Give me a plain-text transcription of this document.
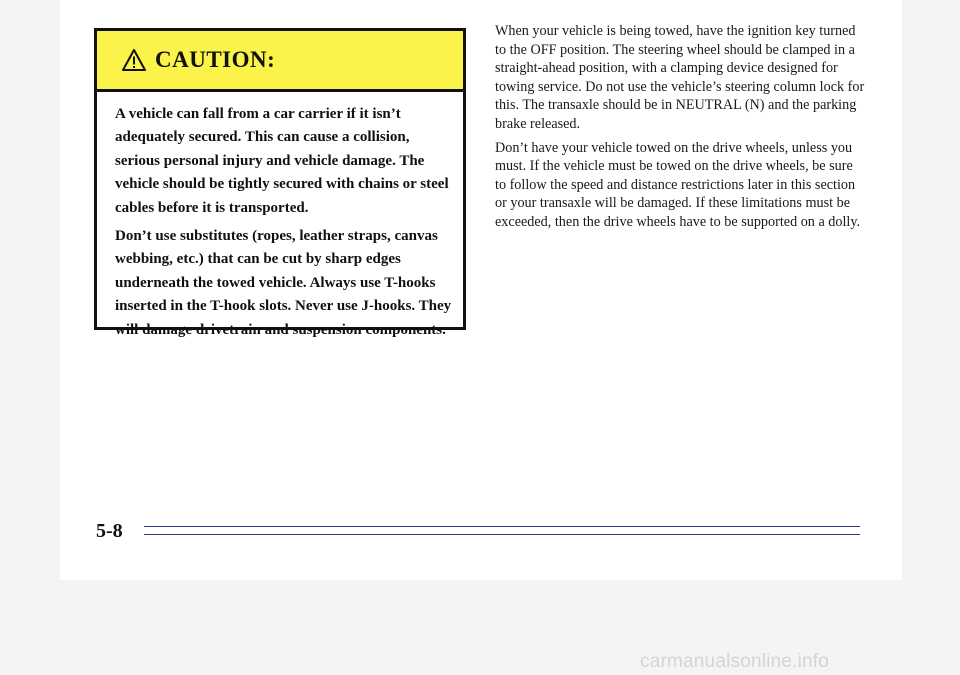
CAUTION:

A vehicle can fall from a car carrier if it isn’t adequately secured. This can cause a collision, serious personal injury and vehicle damage. The vehicle should be tightly secured with chains or steel cables before it is transported.

Don’t use substitutes (ropes, leather straps, canvas webbing, etc.) that can be cut by sharp edges underneath the towed vehicle. Always use T-hooks inserted in the T-hook slots. Never use J-hooks. They will damage drivetrain and suspension components.

When your vehicle is being towed, have the ignition key turned to the OFF position. The steering wheel should be clamped in a straight-ahead position, with a clamping device designed for towing service. Do not use the vehicle’s steering column lock for this. The transaxle should be in NEUTRAL (N) and the parking brake released.

Don’t have your vehicle towed on the drive wheels, unless you must. If the vehicle must be towed on the drive wheels, be sure to follow the speed and distance restrictions later in this section or your transaxle will be damaged. If these limitations must be exceeded, then the drive wheels have to be supported on a dolly.

5-8
carmanualsonline.info
